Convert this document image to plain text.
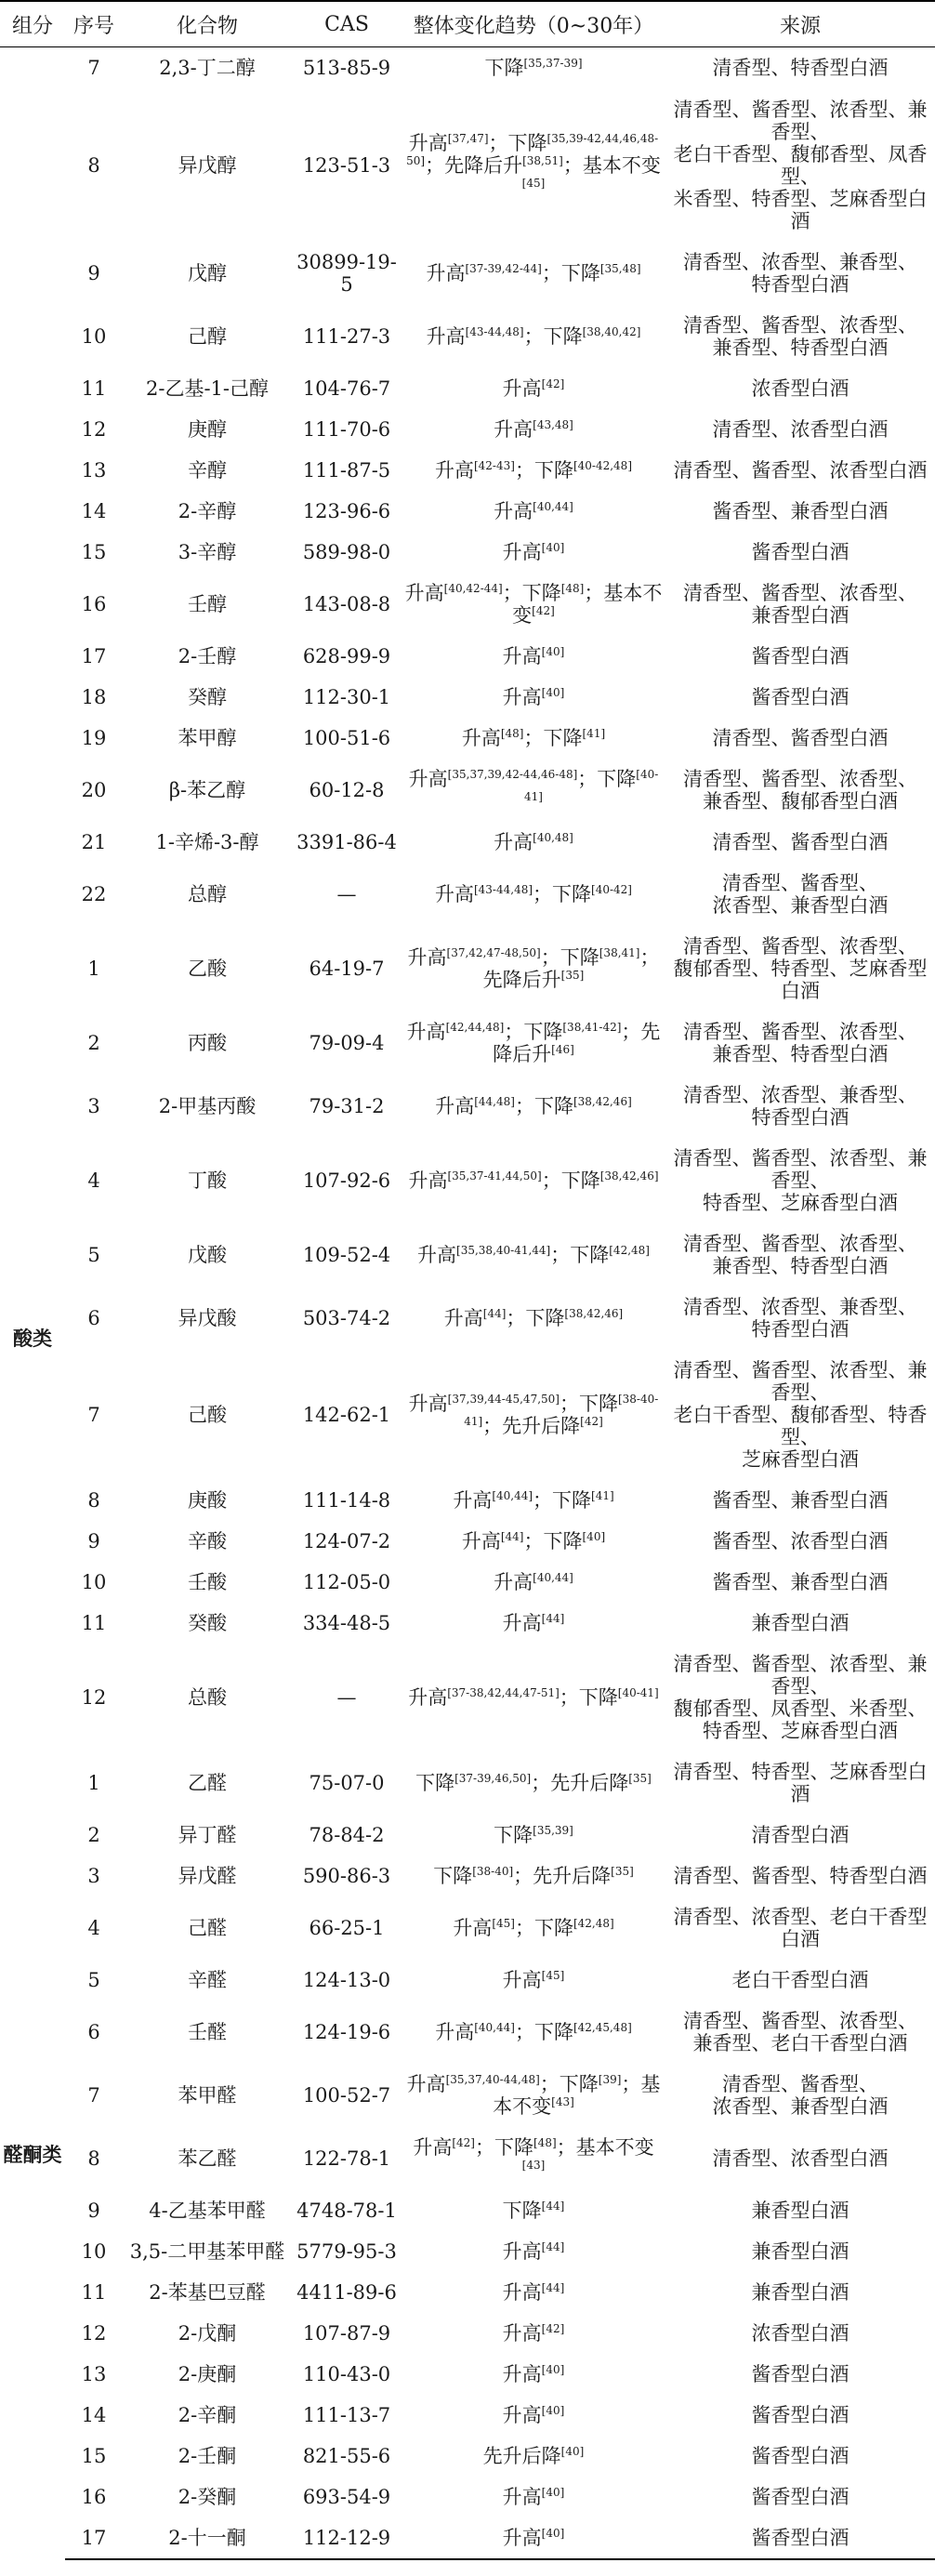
组分	序号	化合物	CAS	整体变化趋势（0~30年）	来源
	7	2,3-丁二醇	513-85-9	下降[35,37-39]	清香型、特香型白酒

	8	异戊醇	123-51-3	升高[37,47]；下降[35,39-42,44,46,48-50]；先降后升[38,51]；基本不变[45]	清香型、酱香型、浓香型、兼香型、
老白干香型、馥郁香型、凤香型、
米香型、特香型、芝麻香型白酒

	9	戊醇	30899-19-5	升高[37-39,42-44]；下降[35,48]	清香型、浓香型、兼香型、
特香型白酒

	10	己醇	111-27-3	升高[43-44,48]；下降[38,40,42]	清香型、酱香型、浓香型、
兼香型、特香型白酒

	11	2-乙基-1-己醇	104-76-7	升高[42]	浓香型白酒

	12	庚醇	111-70-6	升高[43,48]	清香型、浓香型白酒

	13	辛醇	111-87-5	升高[42-43]；下降[40-42,48]	清香型、酱香型、浓香型白酒

	14	2-辛醇	123-96-6	升高[40,44]	酱香型、兼香型白酒

	15	3-辛醇	589-98-0	升高[40]	酱香型白酒

	16	壬醇	143-08-8	升高[40,42-44]；下降[48]；基本不变[42]	清香型、酱香型、浓香型、
兼香型白酒

	17	2-壬醇	628-99-9	升高[40]	酱香型白酒

	18	癸醇	112-30-1	升高[40]	酱香型白酒

	19	苯甲醇	100-51-6	升高[48]；下降[41]	清香型、酱香型白酒

	20	β-苯乙醇	60-12-8	升高[35,37,39,42-44,46-48]；下降[40-41]	清香型、酱香型、浓香型、
兼香型、馥郁香型白酒

	21	1-辛烯-3-醇	3391-86-4	升高[40,48]	清香型、酱香型白酒

	22	总醇	—	升高[43-44,48]；下降[40-42]	清香型、酱香型、
浓香型、兼香型白酒

酸类	1	乙酸	64-19-7	升高[37,42,47-48,50]；下降[38,41]；先降后升[35]	清香型、酱香型、浓香型、
馥郁香型、特香型、芝麻香型白酒

	2	丙酸	79-09-4	升高[42,44,48]；下降[38,41-42]；先降后升[46]	清香型、酱香型、浓香型、
兼香型、特香型白酒

	3	2-甲基丙酸	79-31-2	升高[44,48]；下降[38,42,46]	清香型、浓香型、兼香型、
特香型白酒

	4	丁酸	107-92-6	升高[35,37-41,44,50]；下降[38,42,46]	清香型、酱香型、浓香型、兼香型、
特香型、芝麻香型白酒

	5	戊酸	109-52-4	升高[35,38,40-41,44]；下降[42,48]	清香型、酱香型、浓香型、
兼香型、特香型白酒

	6	异戊酸	503-74-2	升高[44]；下降[38,42,46]	清香型、浓香型、兼香型、
特香型白酒

	7	己酸	142-62-1	升高[37,39,44-45,47,50]；下降[38-40-41]；先升后降[42]	清香型、酱香型、浓香型、兼香型、
老白干香型、馥郁香型、特香型、
芝麻香型白酒

	8	庚酸	111-14-8	升高[40,44]；下降[41]	酱香型、兼香型白酒

	9	辛酸	124-07-2	升高[44]；下降[40]	酱香型、浓香型白酒

	10	壬酸	112-05-0	升高[40,44]	酱香型、兼香型白酒

	11	癸酸	334-48-5	升高[44]	兼香型白酒

	12	总酸	—	升高[37-38,42,44,47-51]；下降[40-41]	清香型、酱香型、浓香型、兼香型、
馥郁香型、凤香型、米香型、
特香型、芝麻香型白酒

醛酮类	1	乙醛	75-07-0	下降[37-39,46,50]；先升后降[35]	清香型、特香型、芝麻香型白酒

	2	异丁醛	78-84-2	下降[35,39]	清香型白酒

	3	异戊醛	590-86-3	下降[38-40]；先升后降[35]	清香型、酱香型、特香型白酒

	4	己醛	66-25-1	升高[45]；下降[42,48]	清香型、浓香型、老白干香型白酒

	5	辛醛	124-13-0	升高[45]	老白干香型白酒

	6	壬醛	124-19-6	升高[40,44]；下降[42,45,48]	清香型、酱香型、浓香型、
兼香型、老白干香型白酒

	7	苯甲醛	100-52-7	升高[35,37,40-44,48]；下降[39]；基本不变[43]	清香型、酱香型、
浓香型、兼香型白酒

	8	苯乙醛	122-78-1	升高[42]；下降[48]；基本不变[43]	清香型、浓香型白酒

	9	4-乙基苯甲醛	4748-78-1	下降[44]	兼香型白酒

	10	3,5-二甲基苯甲醛	5779-95-3	升高[44]	兼香型白酒

	11	2-苯基巴豆醛	4411-89-6	升高[44]	兼香型白酒

	12	2-戊酮	107-87-9	升高[42]	浓香型白酒

	13	2-庚酮	110-43-0	升高[40]	酱香型白酒

	14	2-辛酮	111-13-7	升高[40]	酱香型白酒

	15	2-壬酮	821-55-6	先升后降[40]	酱香型白酒

	16	2-癸酮	693-54-9	升高[40]	酱香型白酒

	17	2-十一酮	112-12-9	升高[40]	酱香型白酒
